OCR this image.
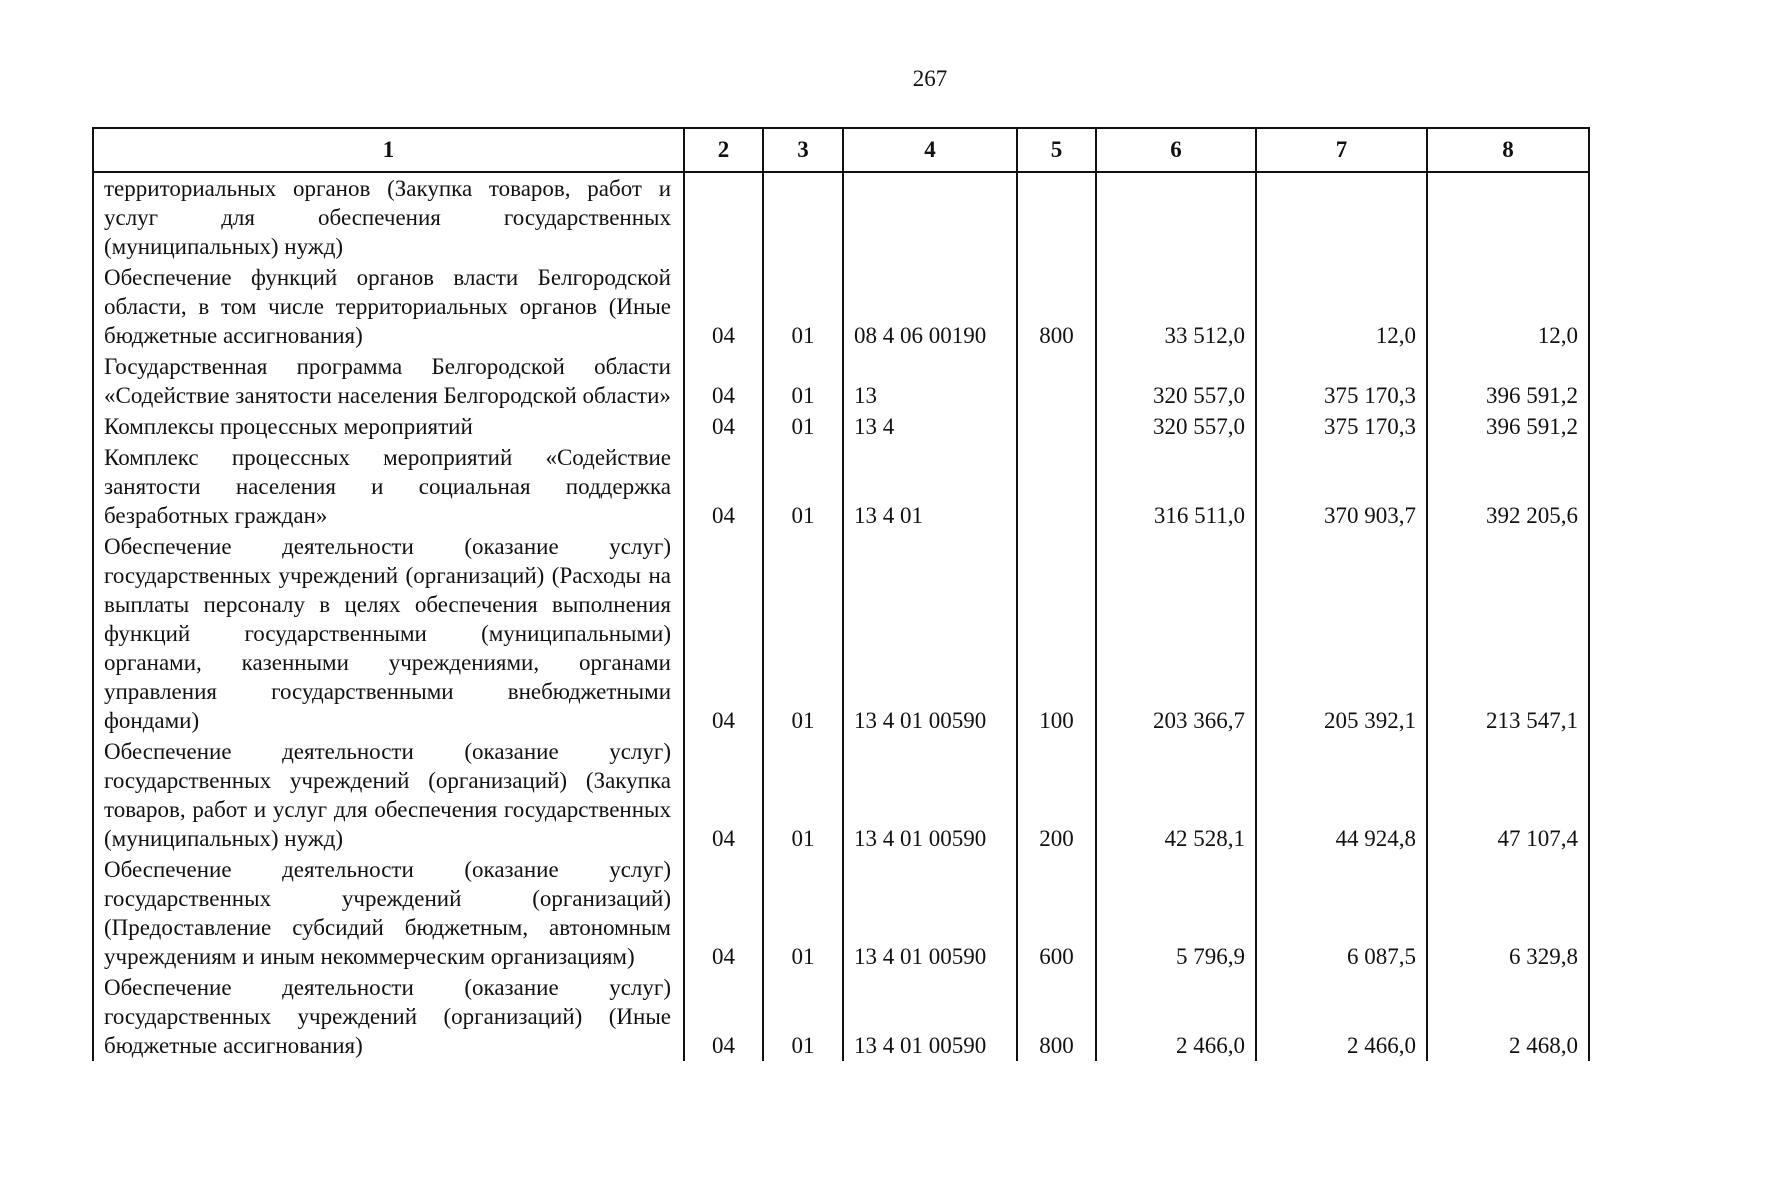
267
1	2	3	4	5	6	7	8
территориальных органов (Закупка товаров, работ и услуг для обеспечения государственных (муниципальных) нужд)							
Обеспечение функций органов власти Белгородской области, в том числе территориальных органов (Иные бюджетные ассигнования)	04	01	08 4 06 00190	800	33 512,0	12,0	12,0
Государственная программа Белгородской области «Содействие занятости населения Белгородской области»	04	01	13		320 557,0	375 170,3	396 591,2
Комплексы процессных мероприятий	04	01	13 4		320 557,0	375 170,3	396 591,2
Комплекс процессных мероприятий «Содействие занятости населения и социальная поддержка безработных граждан»	04	01	13 4 01		316 511,0	370 903,7	392 205,6
Обеспечение деятельности (оказание услуг) государственных учреждений (организаций) (Расходы на выплаты персоналу в целях обеспечения выполнения функций государственными (муниципальными) органами, казенными учреждениями, органами управления государственными внебюджетными фондами)	04	01	13 4 01 00590	100	203 366,7	205 392,1	213 547,1
Обеспечение деятельности (оказание услуг) государственных учреждений (организаций) (Закупка товаров, работ и услуг для обеспечения государственных (муниципальных) нужд)	04	01	13 4 01 00590	200	42 528,1	44 924,8	47 107,4
Обеспечение деятельности (оказание услуг) государственных учреждений (организаций) (Предоставление субсидий бюджетным, автономным учреждениям и иным некоммерческим организациям)	04	01	13 4 01 00590	600	5 796,9	6 087,5	6 329,8
Обеспечение деятельности (оказание услуг) государственных учреждений (организаций) (Иные бюджетные ассигнования)	04	01	13 4 01 00590	800	2 466,0	2 466,0	2 468,0
